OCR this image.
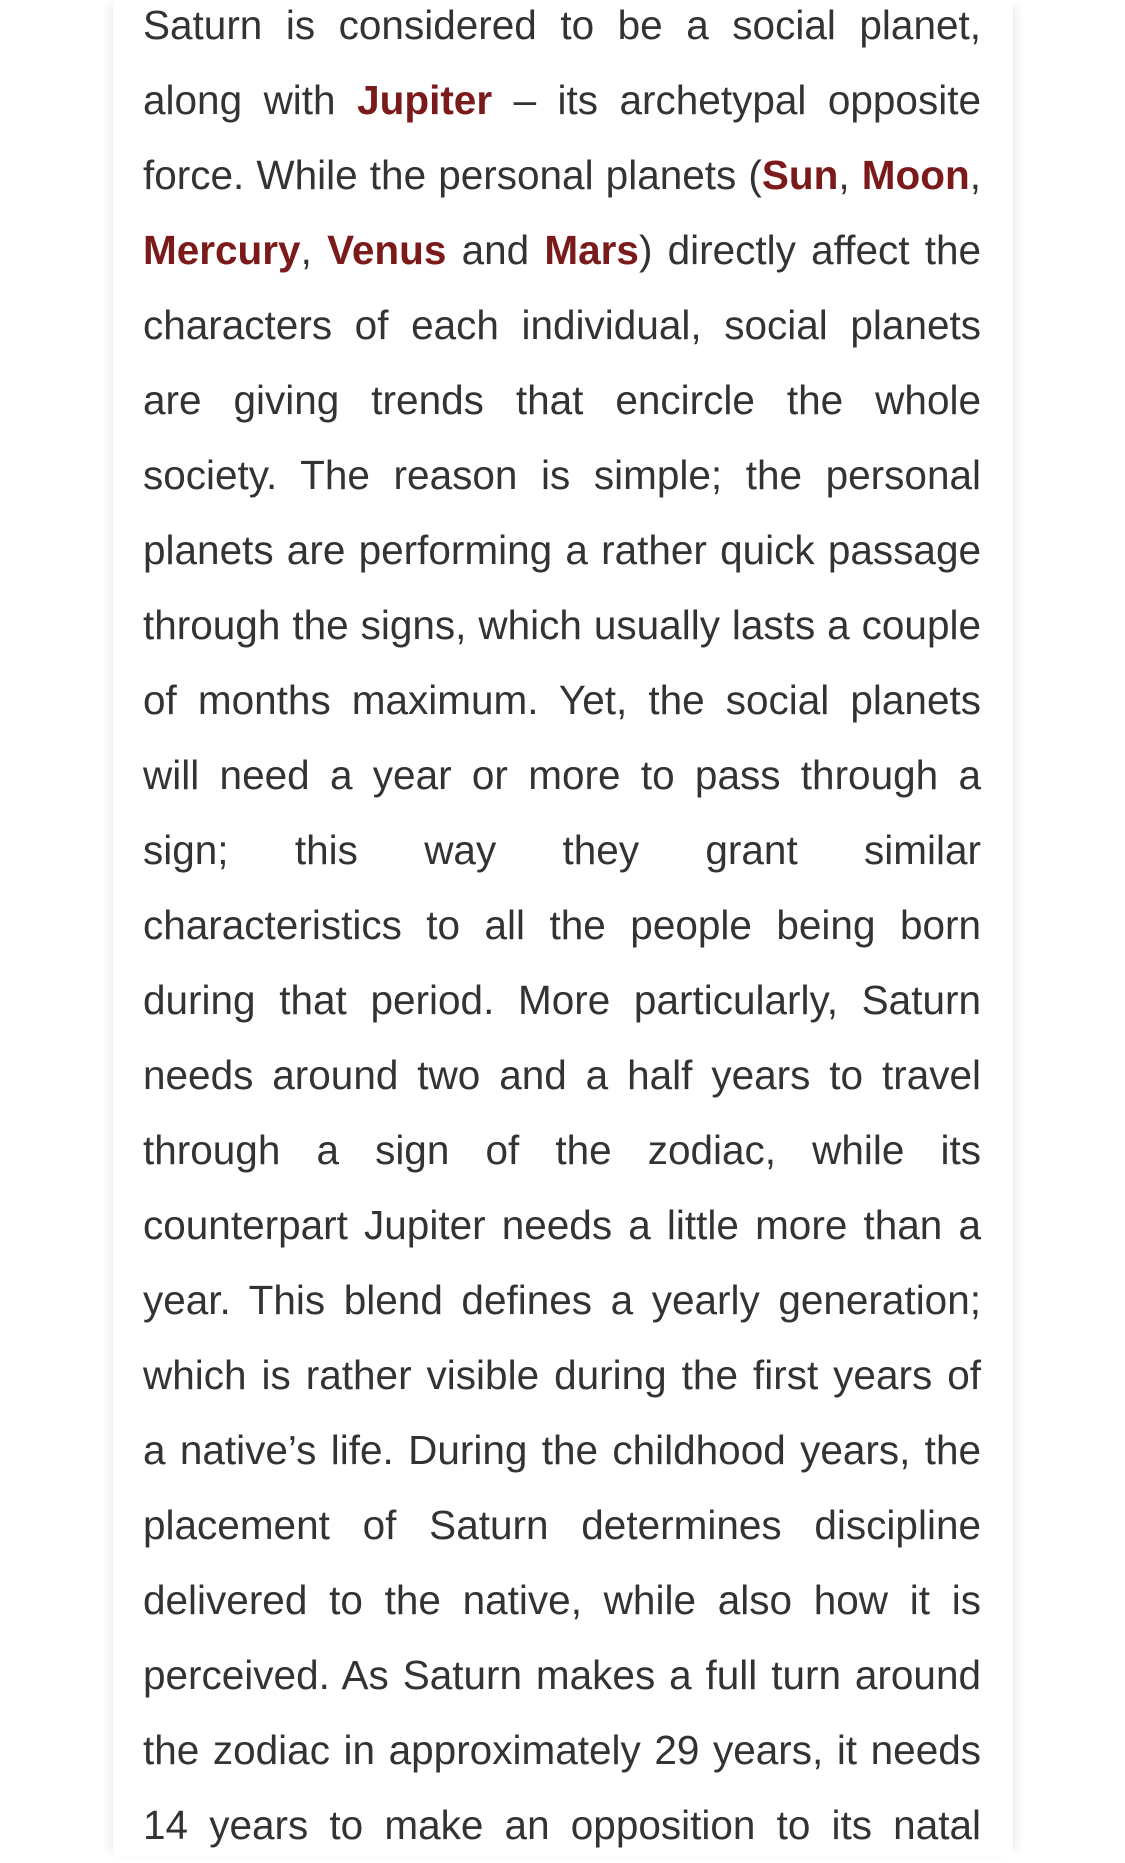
Saturn is considered to be a social planet,
along with Jupiter – its archetypal opposite
force. While the personal planets (Sun, Moon,
Mercury, Venus and Mars) directly affect the
characters of each individual, social planets
are giving trends that encircle the whole
society. The reason is simple; the personal
planets are performing a rather quick passage
through the signs, which usually lasts a couple
of months maximum. Yet, the social planets
will need a year or more to pass through a
sign; this way they grant similar
characteristics to all the people being born
during that period. More particularly, Saturn
needs around two and a half years to travel
through a sign of the zodiac, while its
counterpart Jupiter needs a little more than a
year. This blend defines a yearly generation;
which is rather visible during the first years of
a native’s life. During the childhood years, the
placement of Saturn determines discipline
delivered to the native, while also how it is
perceived. As Saturn makes a full turn around
the zodiac in approximately 29 years, it needs
14 years to make an opposition to its natal
